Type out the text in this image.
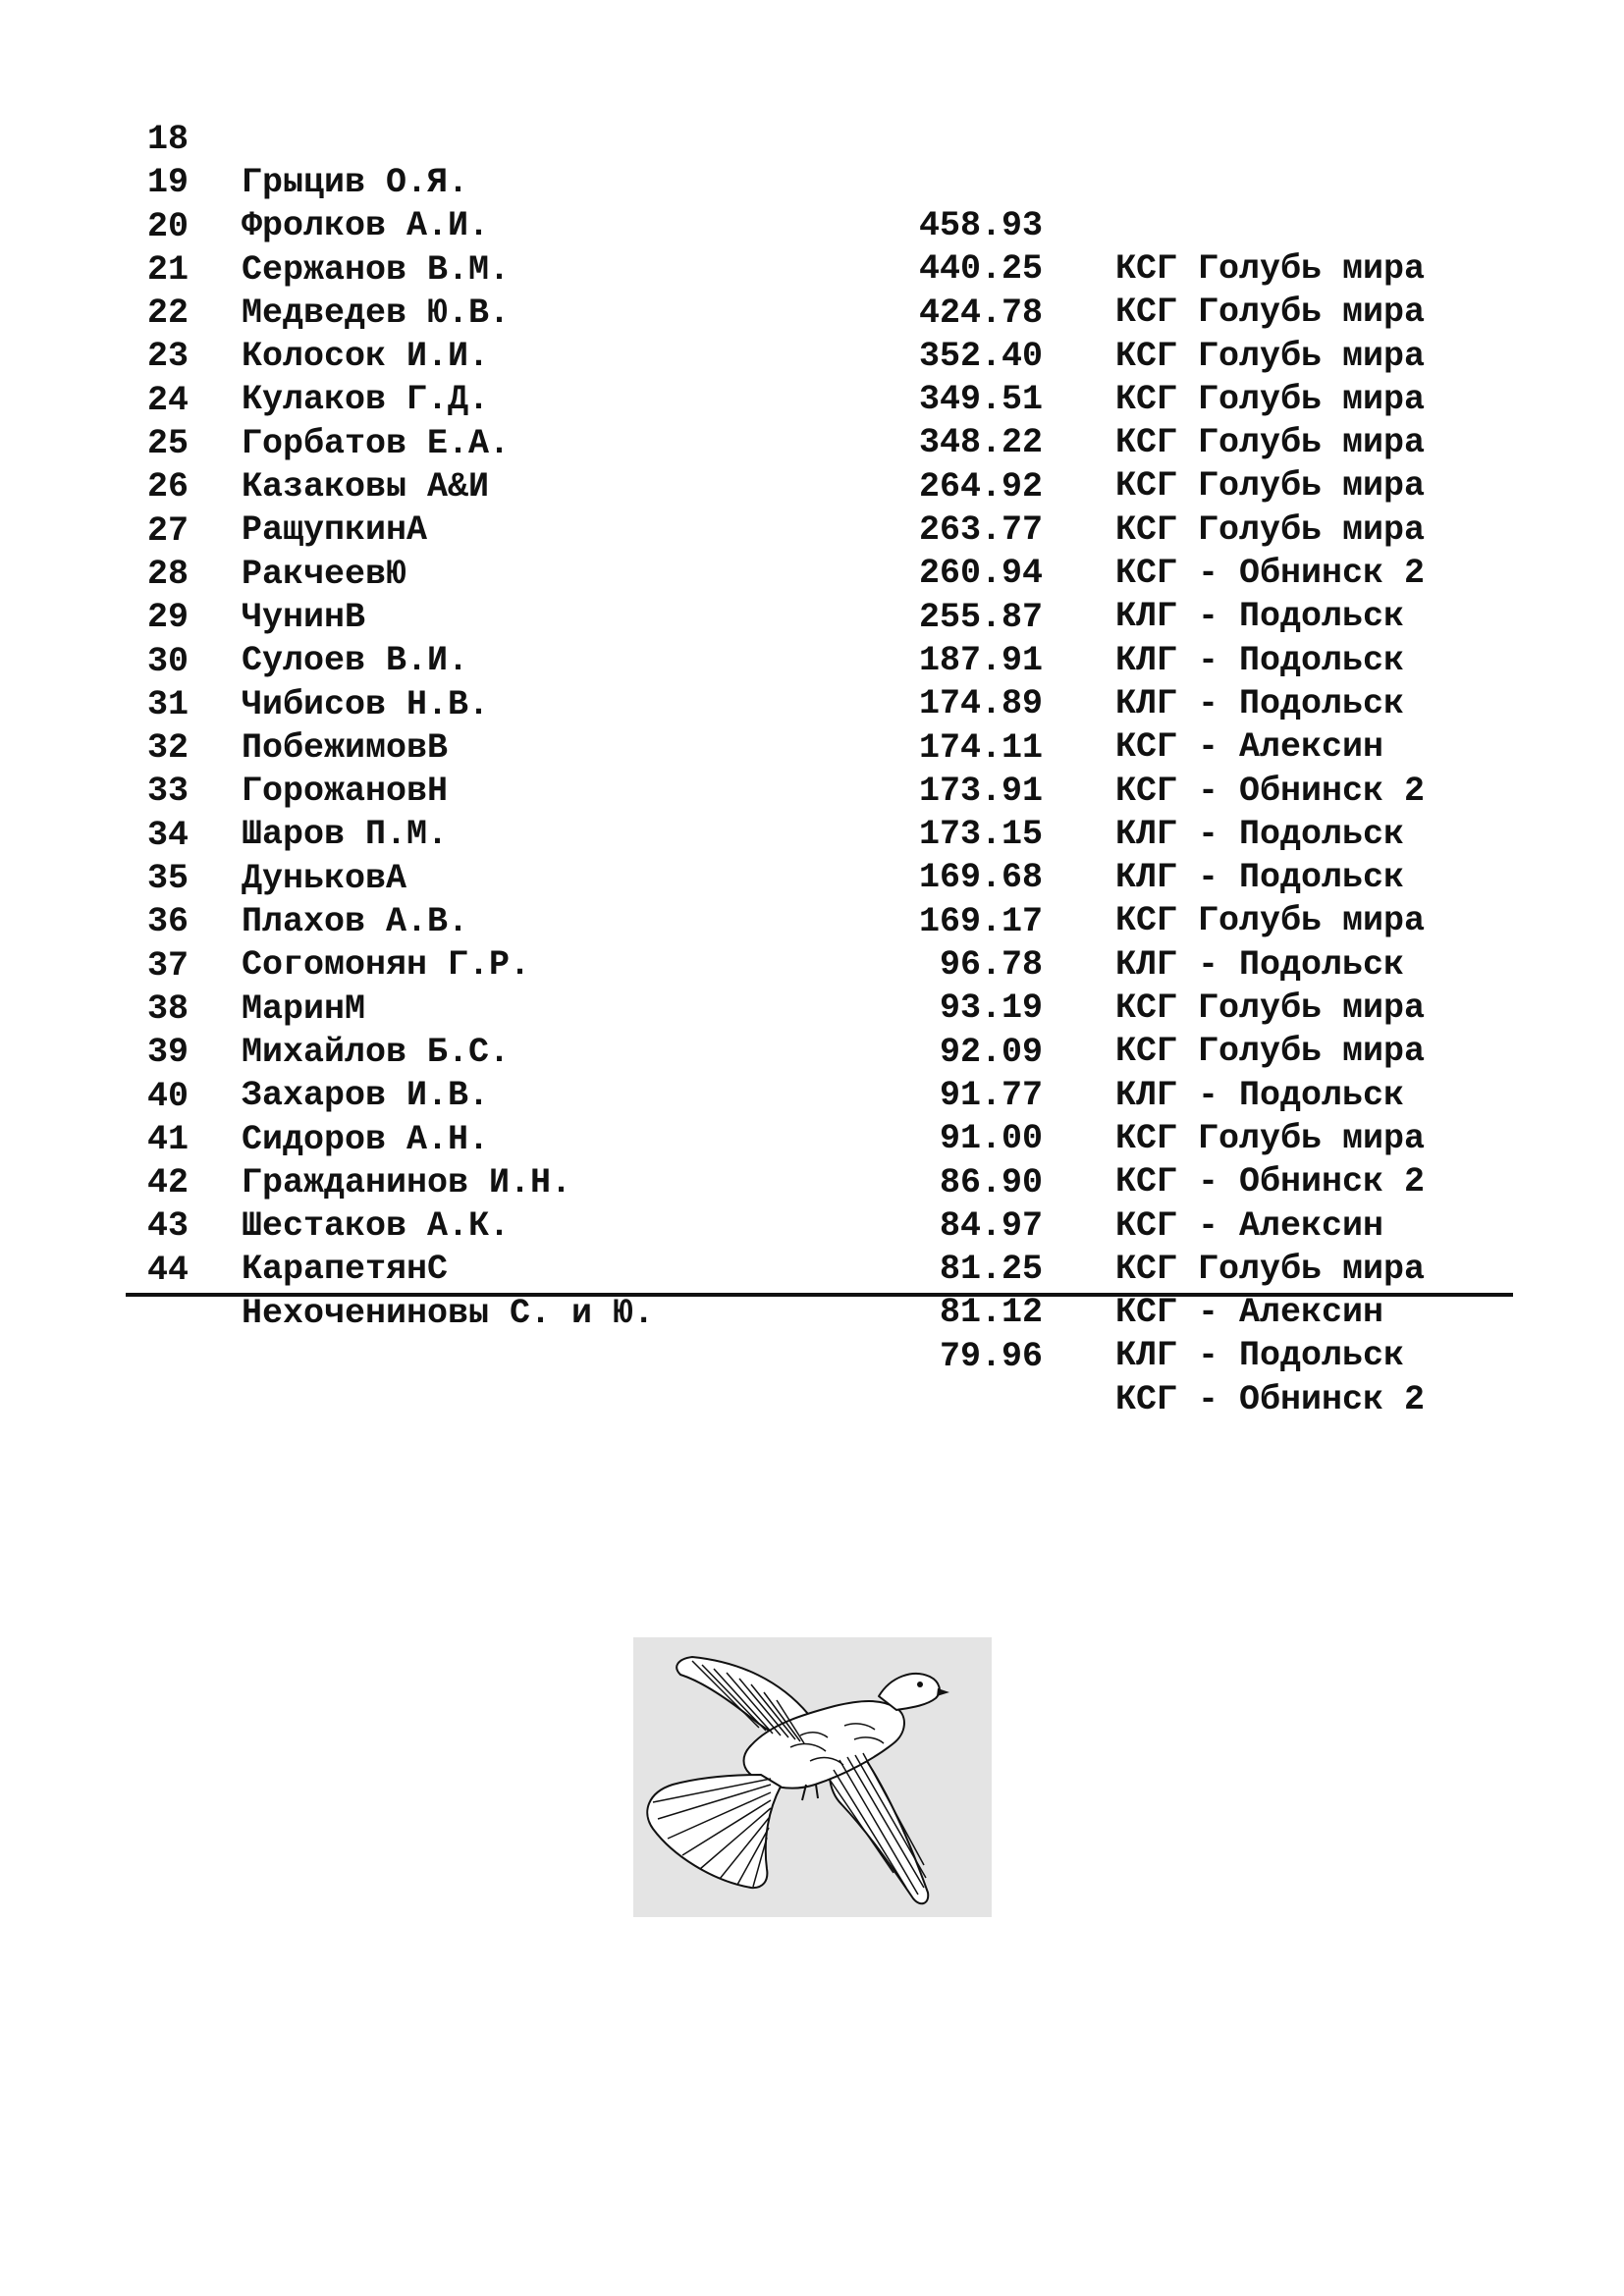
18

Грыцив О.Я.

458.93

КСГ Голубь мира

19

Фролков А.И.

440.25

КСГ Голубь мира

20

Сержанов В.М.

424.78

КСГ Голубь мира

21

Медведев Ю.В.

352.40

КСГ Голубь мира

22

Колосок И.И.

349.51

КСГ Голубь мира

23

Кулаков Г.Д.

348.22

КСГ Голубь мира

24

Горбатов Е.А.

264.92

КСГ Голубь мира

25

Казаковы А&И

263.77

КСГ - Обнинск 2

26

РащупкинА

260.94

КЛГ - Подольск

27

РакчеевЮ

255.87

КЛГ - Подольск

28

ЧунинВ

187.91

КЛГ - Подольск

29

Сулоев В.И.

174.89

КСГ - Алексин

30

Чибисов Н.В.

174.11

КСГ - Обнинск 2

31

ПобежимовВ

173.91

КЛГ - Подольск

32

ГорожановН

173.15

КЛГ - Подольск

33

Шаров П.М.

169.68

КСГ Голубь мира

34

ДуньковА

169.17

КЛГ - Подольск

35

Плахов А.В.

96.78

КСГ Голубь мира

36

Согомонян Г.Р.

93.19

КСГ Голубь мира

37

МаринМ

92.09

КЛГ - Подольск

38

Михайлов Б.С.

91.77

КСГ Голубь мира

39

Захаров И.В.

91.00

КСГ - Обнинск 2

40

Сидоров А.Н.

86.90

КСГ - Алексин

41

Гражданинов И.Н.

84.97

КСГ Голубь мира

42

Шестаков А.К.

81.25

КСГ - Алексин

43

КарапетянС

81.12

КЛГ - Подольск

44

Нехочениновы С. и Ю.

79.96

КСГ - Обнинск 2
